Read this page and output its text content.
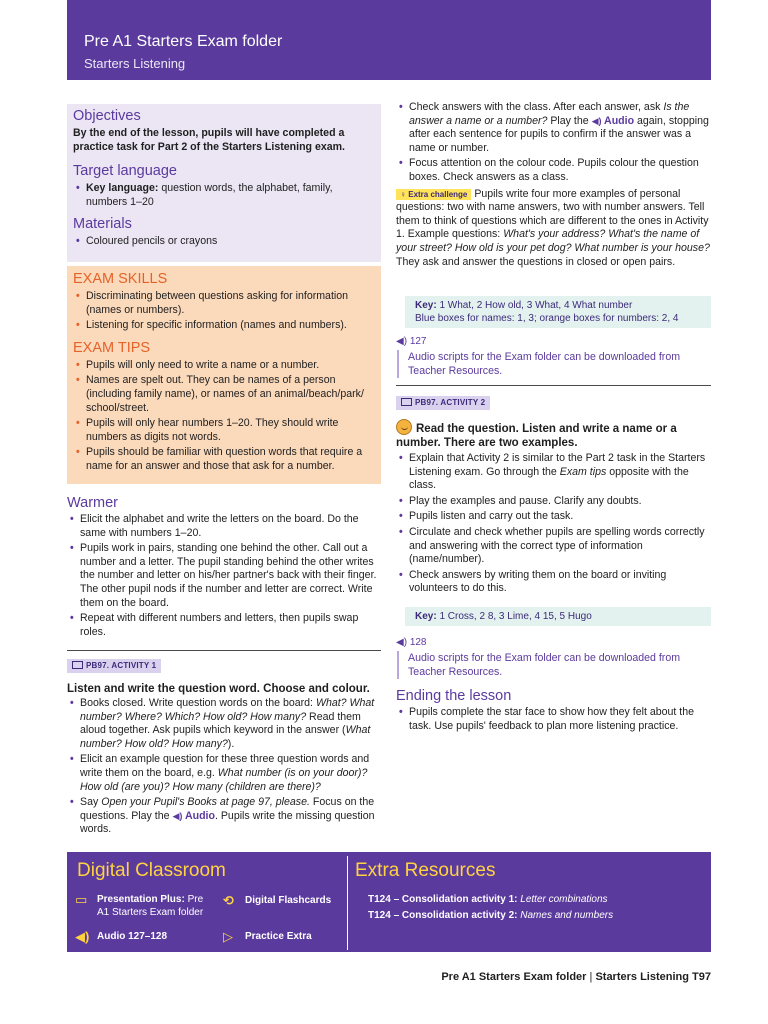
Pre A1 Starters Exam folder
Starters Listening
Objectives

By the end of the lesson, pupils will have completed a practice task for Part 2 of the Starters Listening exam.

Target language
• Key language: question words, the alphabet, family, numbers 1–20
Materials
• Coloured pencils or crayons
EXAM SKILLS
• Discriminating between questions asking for information (names or numbers).
• Listening for specific information (names and numbers).
EXAM TIPS
• Pupils will only need to write a name or a number.
• Names are spelt out. They can be names of a person (including family name), or names of an animal/beach/park/ school/street.
• Pupils will only hear numbers 1–20. They should write numbers as digits not words.
• Pupils should be familiar with question words that require a name for an answer and those that ask for a number.
Warmer
• Elicit the alphabet and write the letters on the board. Do the same with numbers 1–20.
• Pupils work in pairs, standing one behind the other. Call out a number and a letter. The pupil standing behind the other writes the number and letter on his/her partner's back with their finger. The other pupil nods if the number and letter are correct. Write them on the board.
• Repeat with different numbers and letters, then pupils swap roles.
PB97. ACTIVITY 1

Listen and write the question word. Choose and colour.

• Books closed. Write question words on the board: What? What number? Where? Which? How old? How many? Read them aloud together. Ask pupils which keyword in the answer (What number? How old? How many?).
• Elicit an example question for these three question words and write them on the board, e.g. What number (is on your door)? How old (are you)? How many (children are there)?
• Say Open your Pupil's Books at page 97, please. Focus on the questions. Play the ◀) Audio. Pupils write the missing question words.
• Check answers with the class. After each answer, ask Is the answer a name or a number? Play the ◀) Audio again, stopping after each sentence for pupils to confirm if the answer was a name or number.
• Focus attention on the colour code. Pupils colour the question boxes. Check answers as a class.

♀ Extra challenge Pupils write four more examples of personal questions: two with name answers, two with number answers. Tell them to think of questions which are different to the ones in Activity 1. Example questions: What's your address? What's the name of your street? How old is your pet dog? What number is your house? They ask and answer the questions in closed or open pairs.

Key: 1 What, 2 How old, 3 What, 4 What number
Blue boxes for names: 1, 3; orange boxes for numbers: 2, 4
◀) 127
Audio scripts for the Exam folder can be downloaded from Teacher Resources.
PB97. ACTIVITY 2

Read the question. Listen and write a name or a number. There are two examples.

• Explain that Activity 2 is similar to the Part 2 task in the Starters Listening exam. Go through the Exam tips opposite with the class.
• Play the examples and pause. Clarify any doubts.
• Pupils listen and carry out the task.
• Circulate and check whether pupils are spelling words correctly and answering with the correct type of information (name/number).
• Check answers by writing them on the board or inviting volunteers to do this.
Key: 1 Cross, 2 8, 3 Lime, 4 15, 5 Hugo
◀) 128
Audio scripts for the Exam folder can be downloaded from Teacher Resources.
Ending the lesson
• Pupils complete the star face to show how they felt about the task. Use pupils' feedback to plan more listening practice.
Digital Classroom
▭ Presentation Plus: Pre A1 Starters Exam folder
⟲	Digital Flashcards
◀) Audio 127–128	▷	Practice Extra
Extra Resources
• T124 – Consolidation activity 1: Letter combinations
• T124 – Consolidation activity 2: Names and numbers
Pre A1 Starters Exam folder | Starters Listening T97
